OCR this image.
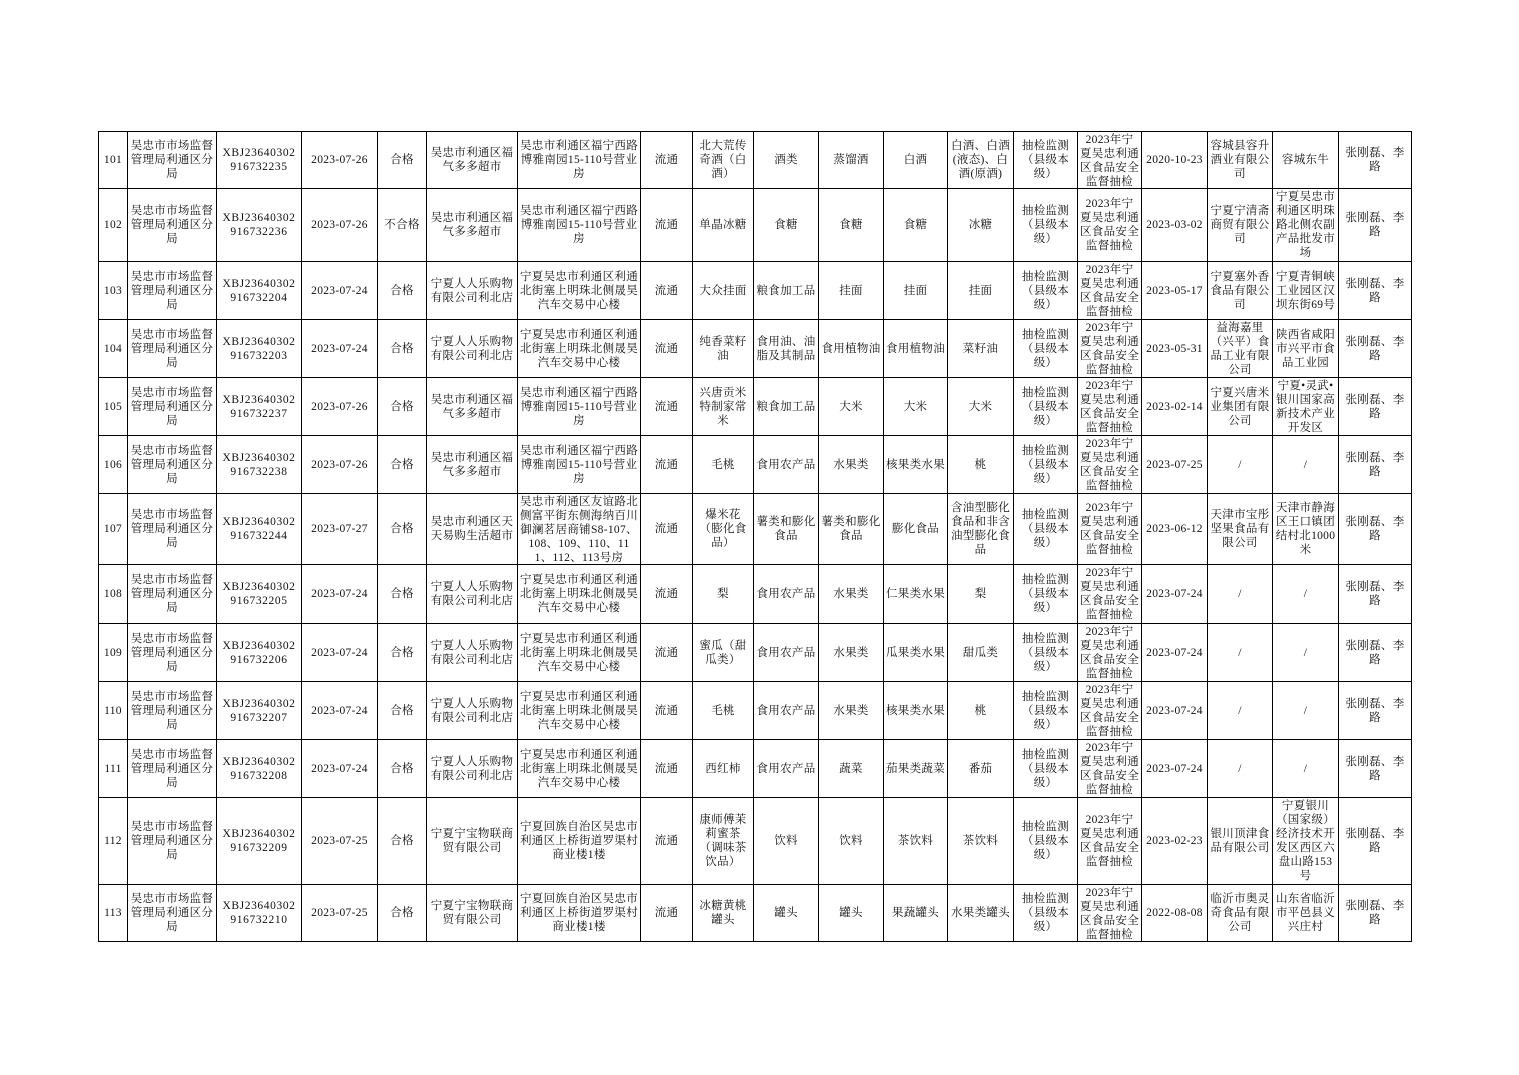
101	吴忠市市场监督管理局利通区分局	XBJ23640302916732235	2023-07-26	合格	吴忠市利通区福气多多超市	吴忠市利通区福宁西路博雅南园15-110号营业房	流通	北大荒传奇酒（白酒）	酒类	蒸馏酒	白酒	白酒、白酒(液态)、白酒(原酒)	抽检监测（县级本级）	2023年宁夏吴忠利通区食品安全监督抽检	2020-10-23	容城县容升酒业有限公司	容城东牛	张刚磊、李路

102	吴忠市市场监督管理局利通区分局	XBJ23640302916732236	2023-07-26	不合格	吴忠市利通区福气多多超市	吴忠市利通区福宁西路博雅南园15-110号营业房	流通	单晶冰糖	食糖	食糖	食糖	冰糖	抽检监测（县级本级）	2023年宁夏吴忠利通区食品安全监督抽检	2023-03-02	宁夏宁清斋商贸有限公司	宁夏吴忠市利通区明珠路北侧农副产品批发市场	张刚磊、李路

103	吴忠市市场监督管理局利通区分局	XBJ23640302916732204	2023-07-24	合格	宁夏人人乐购物有限公司利北店	宁夏吴忠市利通区利通北街塞上明珠北侧晟昊汽车交易中心楼	流通	大众挂面	粮食加工品	挂面	挂面	挂面	抽检监测（县级本级）	2023年宁夏吴忠利通区食品安全监督抽检	2023-05-17	宁夏塞外香食品有限公司	宁夏青铜峡工业园区汉坝东街69号	张刚磊、李路

104	吴忠市市场监督管理局利通区分局	XBJ23640302916732203	2023-07-24	合格	宁夏人人乐购物有限公司利北店	宁夏吴忠市利通区利通北街塞上明珠北侧晟昊汽车交易中心楼	流通	纯香菜籽油	食用油、油脂及其制品	食用植物油	食用植物油	菜籽油	抽检监测（县级本级）	2023年宁夏吴忠利通区食品安全监督抽检	2023-05-31	益海嘉里（兴平）食品工业有限公司	陕西省咸阳市兴平市食品工业园	张刚磊、李路

105	吴忠市市场监督管理局利通区分局	XBJ23640302916732237	2023-07-26	合格	吴忠市利通区福气多多超市	吴忠市利通区福宁西路博雅南园15-110号营业房	流通	兴唐贡米特制家常米	粮食加工品	大米	大米	大米	抽检监测（县级本级）	2023年宁夏吴忠利通区食品安全监督抽检	2023-02-14	宁夏兴唐米业集团有限公司	宁夏•灵武•银川国家高新技术产业开发区	张刚磊、李路

106	吴忠市市场监督管理局利通区分局	XBJ23640302916732238	2023-07-26	合格	吴忠市利通区福气多多超市	吴忠市利通区福宁西路博雅南园15-110号营业房	流通	毛桃	食用农产品	水果类	核果类水果	桃	抽检监测（县级本级）	2023年宁夏吴忠利通区食品安全监督抽检	2023-07-25	/	/	张刚磊、李路

107	吴忠市市场监督管理局利通区分局	XBJ23640302916732244	2023-07-27	合格	吴忠市利通区天天易购生活超市	吴忠市利通区友谊路北侧富平街东侧海纳百川御澜茗居商铺S8-107、108、109、110、111、112、113号房	流通	爆米花（膨化食品）	薯类和膨化食品	薯类和膨化食品	膨化食品	含油型膨化食品和非含油型膨化食品	抽检监测（县级本级）	2023年宁夏吴忠利通区食品安全监督抽检	2023-06-12	天津市宝彤坚果食品有限公司	天津市静海区王口镇团结村北1000米	张刚磊、李路

108	吴忠市市场监督管理局利通区分局	XBJ23640302916732205	2023-07-24	合格	宁夏人人乐购物有限公司利北店	宁夏吴忠市利通区利通北街塞上明珠北侧晟昊汽车交易中心楼	流通	梨	食用农产品	水果类	仁果类水果	梨	抽检监测（县级本级）	2023年宁夏吴忠利通区食品安全监督抽检	2023-07-24	/	/	张刚磊、李路

109	吴忠市市场监督管理局利通区分局	XBJ23640302916732206	2023-07-24	合格	宁夏人人乐购物有限公司利北店	宁夏吴忠市利通区利通北街塞上明珠北侧晟昊汽车交易中心楼	流通	蜜瓜（甜瓜类）	食用农产品	水果类	瓜果类水果	甜瓜类	抽检监测（县级本级）	2023年宁夏吴忠利通区食品安全监督抽检	2023-07-24	/	/	张刚磊、李路

110	吴忠市市场监督管理局利通区分局	XBJ23640302916732207	2023-07-24	合格	宁夏人人乐购物有限公司利北店	宁夏吴忠市利通区利通北街塞上明珠北侧晟昊汽车交易中心楼	流通	毛桃	食用农产品	水果类	核果类水果	桃	抽检监测（县级本级）	2023年宁夏吴忠利通区食品安全监督抽检	2023-07-24	/	/	张刚磊、李路

111	吴忠市市场监督管理局利通区分局	XBJ23640302916732208	2023-07-24	合格	宁夏人人乐购物有限公司利北店	宁夏吴忠市利通区利通北街塞上明珠北侧晟昊汽车交易中心楼	流通	西红柿	食用农产品	蔬菜	茄果类蔬菜	番茄	抽检监测（县级本级）	2023年宁夏吴忠利通区食品安全监督抽检	2023-07-24	/	/	张刚磊、李路

112	吴忠市市场监督管理局利通区分局	XBJ23640302916732209	2023-07-25	合格	宁夏宁宝物联商贸有限公司	宁夏回族自治区吴忠市利通区上桥街道罗渠村商业楼1楼	流通	康师傅茉莉蜜茶（调味茶饮品）	饮料	饮料	茶饮料	茶饮料	抽检监测（县级本级）	2023年宁夏吴忠利通区食品安全监督抽检	2023-02-23	银川顶津食品有限公司	宁夏银川（国家级）经济技术开发区西区六盘山路153号	张刚磊、李路

113	吴忠市市场监督管理局利通区分局	XBJ23640302916732210	2023-07-25	合格	宁夏宁宝物联商贸有限公司	宁夏回族自治区吴忠市利通区上桥街道罗渠村商业楼1楼	流通	冰糖黄桃罐头	罐头	罐头	果蔬罐头	水果类罐头	抽检监测（县级本级）	2023年宁夏吴忠利通区食品安全监督抽检	2022-08-08	临沂市奥灵奇食品有限公司	山东省临沂市平邑县义兴庄村	张刚磊、李路
